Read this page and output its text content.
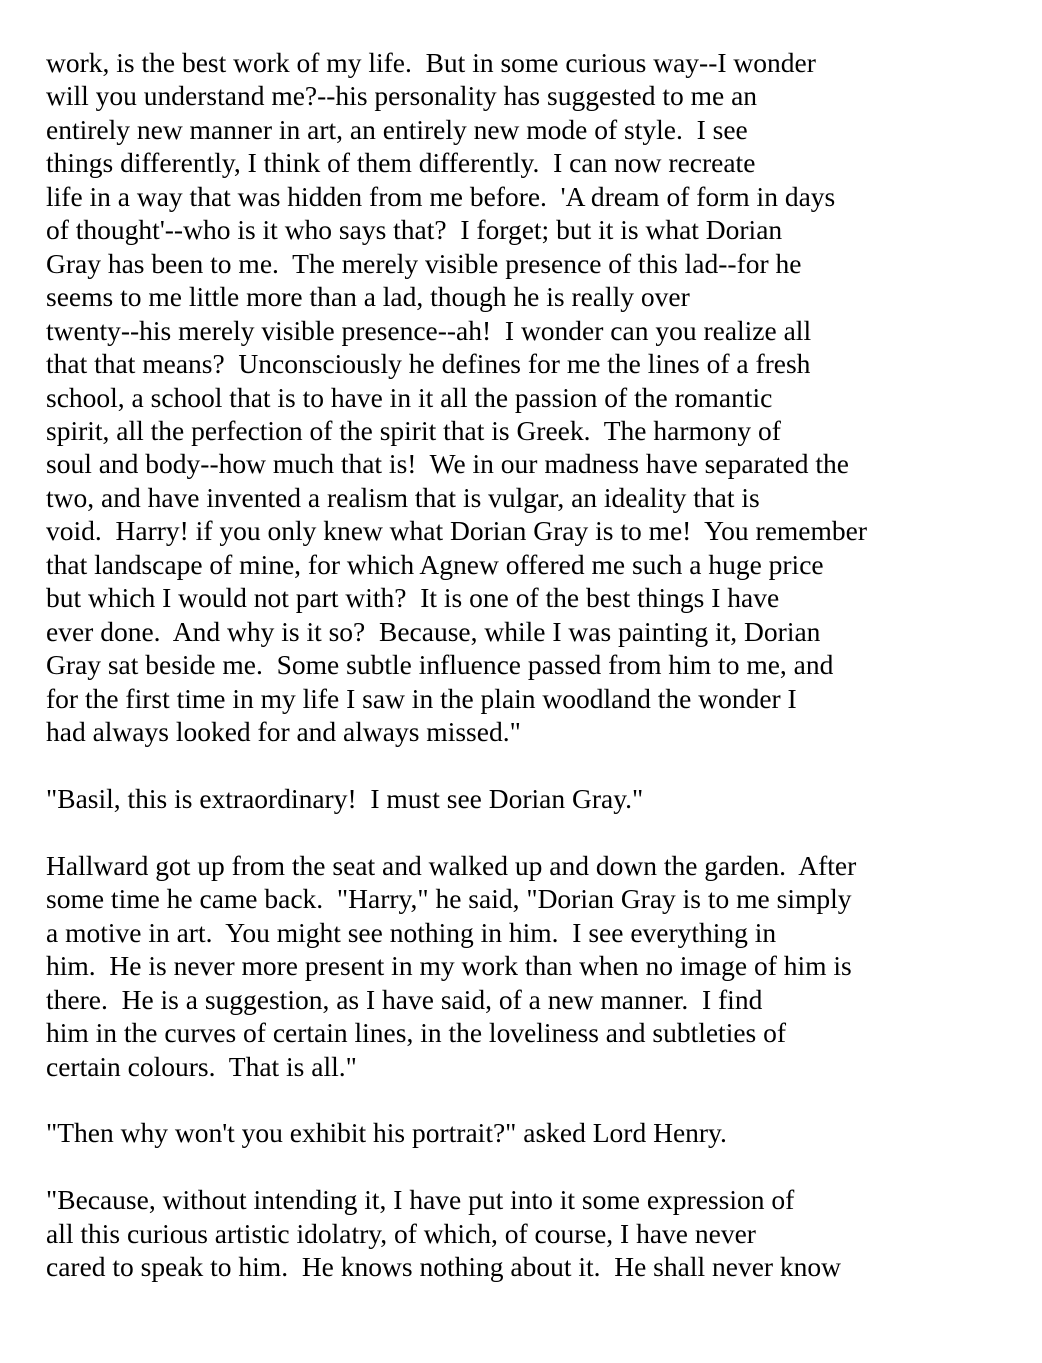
work, is the best work of my life.  But in some curious way--I wonder
will you understand me?--his personality has suggested to me an
entirely new manner in art, an entirely new mode of style.  I see
things differently, I think of them differently.  I can now recreate
life in a way that was hidden from me before.  'A dream of form in days
of thought'--who is it who says that?  I forget; but it is what Dorian
Gray has been to me.  The merely visible presence of this lad--for he
seems to me little more than a lad, though he is really over
twenty--his merely visible presence--ah!  I wonder can you realize all
that that means?  Unconsciously he defines for me the lines of a fresh
school, a school that is to have in it all the passion of the romantic
spirit, all the perfection of the spirit that is Greek.  The harmony of
soul and body--how much that is!  We in our madness have separated the
two, and have invented a realism that is vulgar, an ideality that is
void.  Harry! if you only knew what Dorian Gray is to me!  You remember
that landscape of mine, for which Agnew offered me such a huge price
but which I would not part with?  It is one of the best things I have
ever done.  And why is it so?  Because, while I was painting it, Dorian
Gray sat beside me.  Some subtle influence passed from him to me, and
for the first time in my life I saw in the plain woodland the wonder I
had always looked for and always missed."
"Basil, this is extraordinary!  I must see Dorian Gray."
Hallward got up from the seat and walked up and down the garden.  After
some time he came back.  "Harry," he said, "Dorian Gray is to me simply
a motive in art.  You might see nothing in him.  I see everything in
him.  He is never more present in my work than when no image of him is
there.  He is a suggestion, as I have said, of a new manner.  I find
him in the curves of certain lines, in the loveliness and subtleties of
certain colours.  That is all."
"Then why won't you exhibit his portrait?" asked Lord Henry.
"Because, without intending it, I have put into it some expression of
all this curious artistic idolatry, of which, of course, I have never
cared to speak to him.  He knows nothing about it.  He shall never know
